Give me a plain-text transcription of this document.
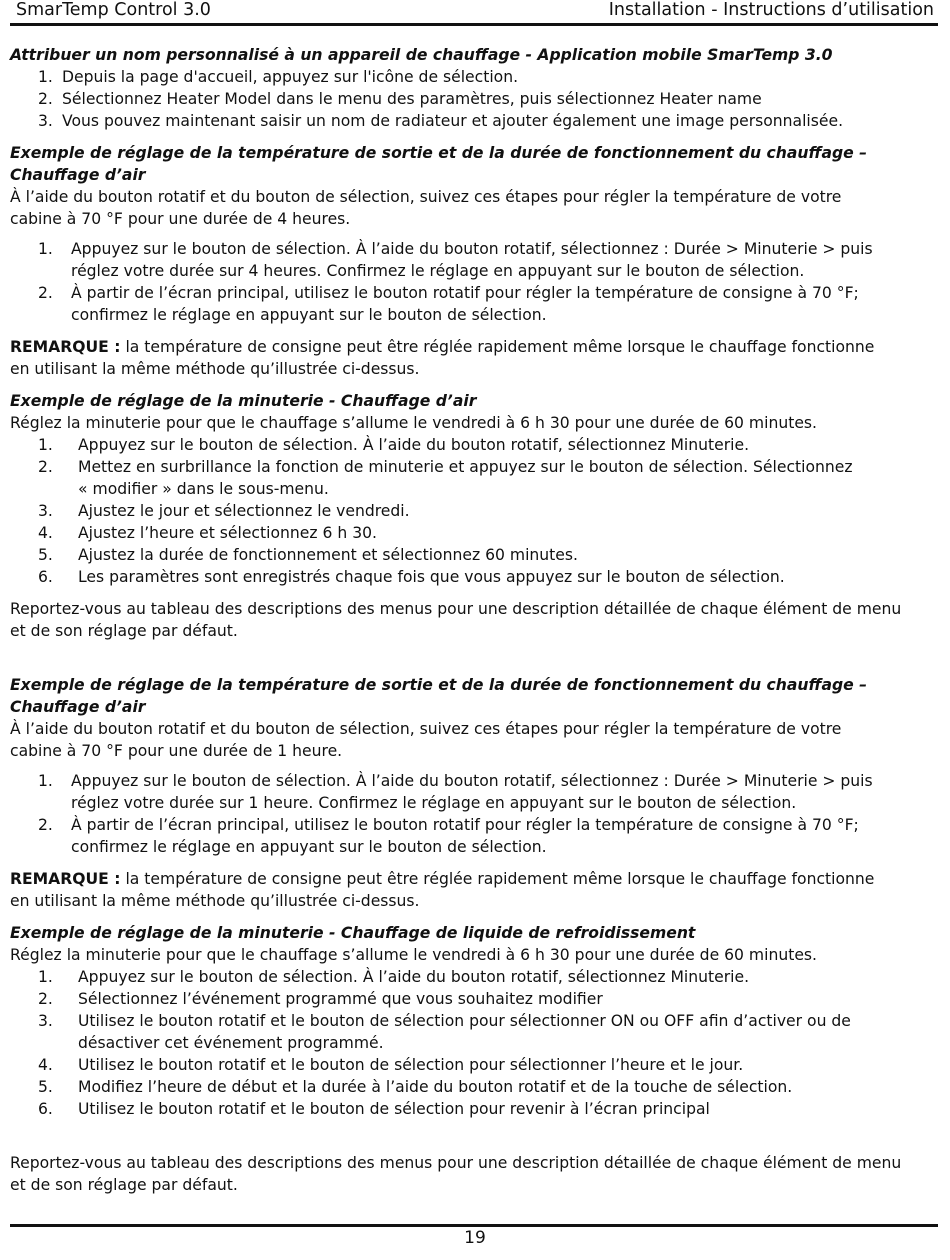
SmarTemp Control 3.0	Installation - Instructions d’utilisation
Attribuer un nom personnalisé à un appareil de chauffage - Application mobile SmarTemp 3.0
1. Depuis la page d'accueil, appuyez sur l'icône de sélection.
2. Sélectionnez Heater Model dans le menu des paramètres, puis sélectionnez Heater name
3. Vous pouvez maintenant saisir un nom de radiateur et ajouter également une image personnalisée.
Exemple de réglage de la température de sortie et de la durée de fonctionnement du chauffage –
Chauffage d’air

À l’aide du bouton rotatif et du bouton de sélection, suivez ces étapes pour régler la température de votre
cabine à 70 °F pour une durée de 4 heures.

1.	Appuyez sur le bouton de sélection. À l’aide du bouton rotatif, sélectionnez : Durée > Minuterie > puis
réglez votre durée sur 4 heures. Confirmez le réglage en appuyant sur le bouton de sélection.
2.	À partir de l’écran principal, utilisez le bouton rotatif pour régler la température de consigne à 70 °F;
confirmez le réglage en appuyant sur le bouton de sélection.

REMARQUE : la température de consigne peut être réglée rapidement même lorsque le chauffage fonctionne
en utilisant la même méthode qu’illustrée ci-dessus.

Exemple de réglage de la minuterie - Chauffage d’air

Réglez la minuterie pour que le chauffage s’allume le vendredi à 6 h 30 pour une durée de 60 minutes.

1.	Appuyez sur le bouton de sélection. À l’aide du bouton rotatif, sélectionnez Minuterie.
2.	Mettez en surbrillance la fonction de minuterie et appuyez sur le bouton de sélection. Sélectionnez
« modifier » dans le sous-menu.
3.	Ajustez le jour et sélectionnez le vendredi.
4.	Ajustez l’heure et sélectionnez 6 h 30.
5.	Ajustez la durée de fonctionnement et sélectionnez 60 minutes.
6.	Les paramètres sont enregistrés chaque fois que vous appuyez sur le bouton de sélection.

Reportez-vous au tableau des descriptions des menus pour une description détaillée de chaque élément de menu
et de son réglage par défaut.

Exemple de réglage de la température de sortie et de la durée de fonctionnement du chauffage –
Chauffage d’air

À l’aide du bouton rotatif et du bouton de sélection, suivez ces étapes pour régler la température de votre
cabine à 70 °F pour une durée de 1 heure.

1.	Appuyez sur le bouton de sélection. À l’aide du bouton rotatif, sélectionnez : Durée > Minuterie > puis
réglez votre durée sur 1 heure. Confirmez le réglage en appuyant sur le bouton de sélection.
2.	À partir de l’écran principal, utilisez le bouton rotatif pour régler la température de consigne à 70 °F;
confirmez le réglage en appuyant sur le bouton de sélection.

REMARQUE : la température de consigne peut être réglée rapidement même lorsque le chauffage fonctionne
en utilisant la même méthode qu’illustrée ci-dessus.

Exemple de réglage de la minuterie - Chauffage de liquide de refroidissement

Réglez la minuterie pour que le chauffage s’allume le vendredi à 6 h 30 pour une durée de 60 minutes.

1.	Appuyez sur le bouton de sélection. À l’aide du bouton rotatif, sélectionnez Minuterie.
2.	Sélectionnez l’événement programmé que vous souhaitez modifier
3.	Utilisez le bouton rotatif et le bouton de sélection pour sélectionner ON ou OFF afin d’activer ou de
désactiver cet événement programmé.
4.	Utilisez le bouton rotatif et le bouton de sélection pour sélectionner l’heure et le jour.
5.	Modifiez l’heure de début et la durée à l’aide du bouton rotatif et de la touche de sélection.
6.	Utilisez le bouton rotatif et le bouton de sélection pour revenir à l’écran principal

Reportez-vous au tableau des descriptions des menus pour une description détaillée de chaque élément de menu
et de son réglage par défaut.

19
